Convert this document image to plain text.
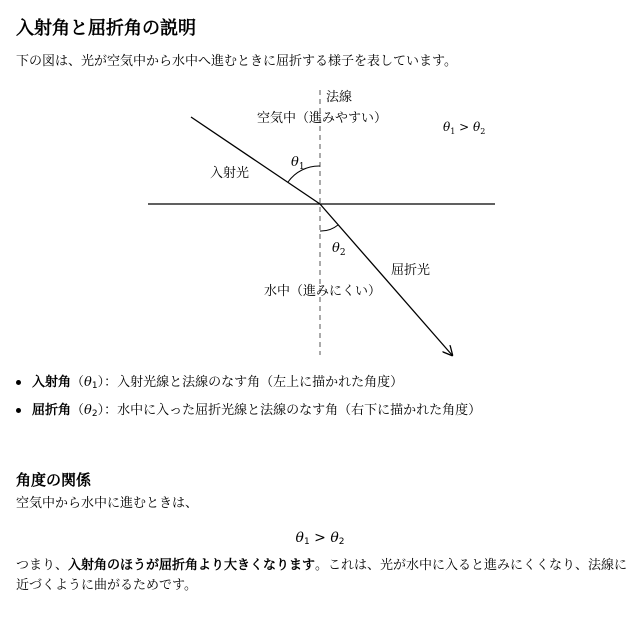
入射角と屈折角の説明
下の図は、光が空気中から水中へ進むときに屈折する様子を表しています。
法線
空気中（進みやすい）
入射光
屈折光
水中（進みにくい）
$\theta_1$
$\theta_2$
$\theta_1 > \theta_2$
入射角$(\theta_1)$：入射光線と法線のなす角（左上に描かれた角度）
屈折角$(\theta_2)$：水中に入った屈折光線と法線のなす角（右下に描かれた角度）
角度の関係
空気中から水中に進むときは、
$\theta_1 > \theta_2$
つまり、入射角のほうが屈折角より大きくなります。これは、光が水中に入ると進みにくくなり、法線に近づくように曲がるためです。
